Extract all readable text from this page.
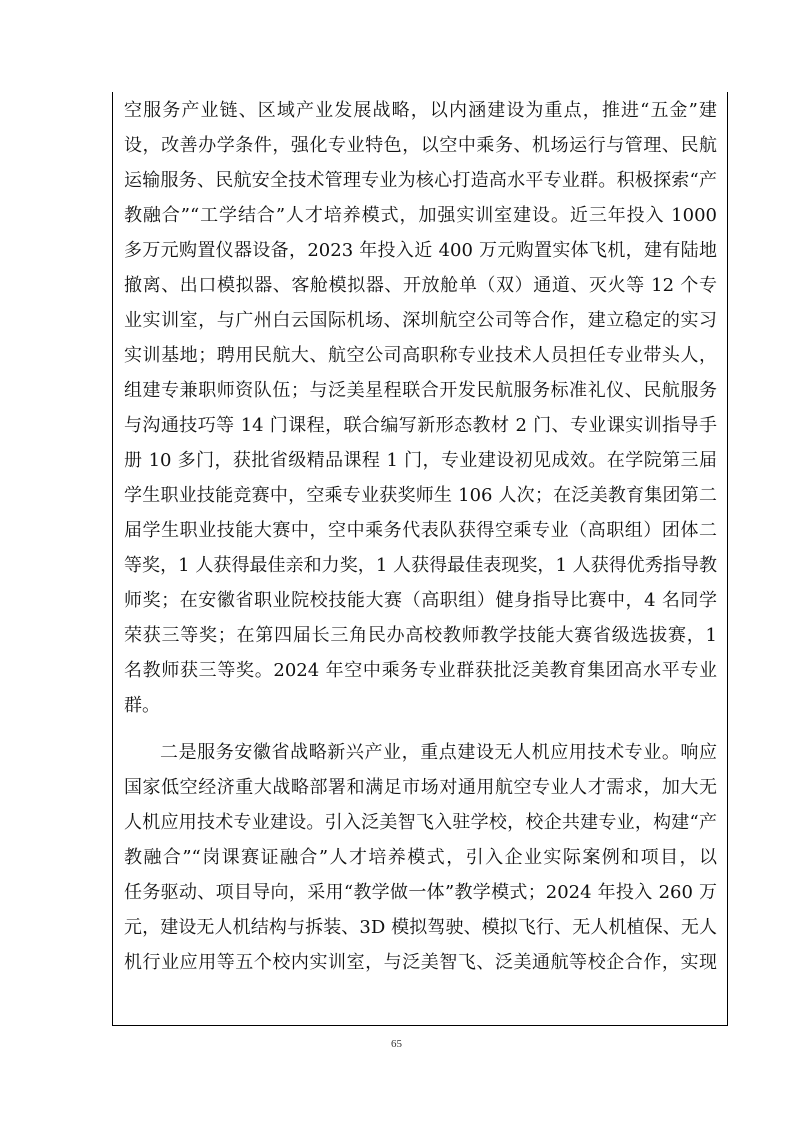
空服务产业链、区域产业发展战略，以内涵建设为重点，推进“五金”建
设，改善办学条件，强化专业特色，以空中乘务、机场运行与管理、民航
运输服务、民航安全技术管理专业为核心打造高水平专业群。积极探索“产
教融合”“工学结合”人才培养模式，加强实训室建设。近三年投入 1000
多万元购置仪器设备，2023 年投入近 400 万元购置实体飞机，建有陆地
撤离、出口模拟器、客舱模拟器、开放舱单（双）通道、灭火等 12 个专
业实训室，与广州白云国际机场、深圳航空公司等合作，建立稳定的实习
实训基地；聘用民航大、航空公司高职称专业技术人员担任专业带头人，
组建专兼职师资队伍；与泛美星程联合开发民航服务标准礼仪、民航服务
与沟通技巧等 14 门课程，联合编写新形态教材 2 门、专业课实训指导手
册 10 多门，获批省级精品课程 1 门，专业建设初见成效。在学院第三届
学生职业技能竞赛中，空乘专业获奖师生 106 人次；在泛美教育集团第二
届学生职业技能大赛中，空中乘务代表队获得空乘专业（高职组）团体二
等奖，1 人获得最佳亲和力奖，1 人获得最佳表现奖，1 人获得优秀指导教
师奖；在安徽省职业院校技能大赛（高职组）健身指导比赛中，4 名同学
荣获三等奖；在第四届长三角民办高校教师教学技能大赛省级选拔赛，1
名教师获三等奖。2024 年空中乘务专业群获批泛美教育集团高水平专业
群。
二是服务安徽省战略新兴产业，重点建设无人机应用技术专业。响应
国家低空经济重大战略部署和满足市场对通用航空专业人才需求，加大无
人机应用技术专业建设。引入泛美智飞入驻学校，校企共建专业，构建“产
教融合”“岗课赛证融合”人才培养模式，引入企业实际案例和项目，以
任务驱动、项目导向，采用“教学做一体”教学模式；2024 年投入 260 万
元，建设无人机结构与拆装、3D 模拟驾驶、模拟飞行、无人机植保、无人
机行业应用等五个校内实训室，与泛美智飞、泛美通航等校企合作，实现
65
